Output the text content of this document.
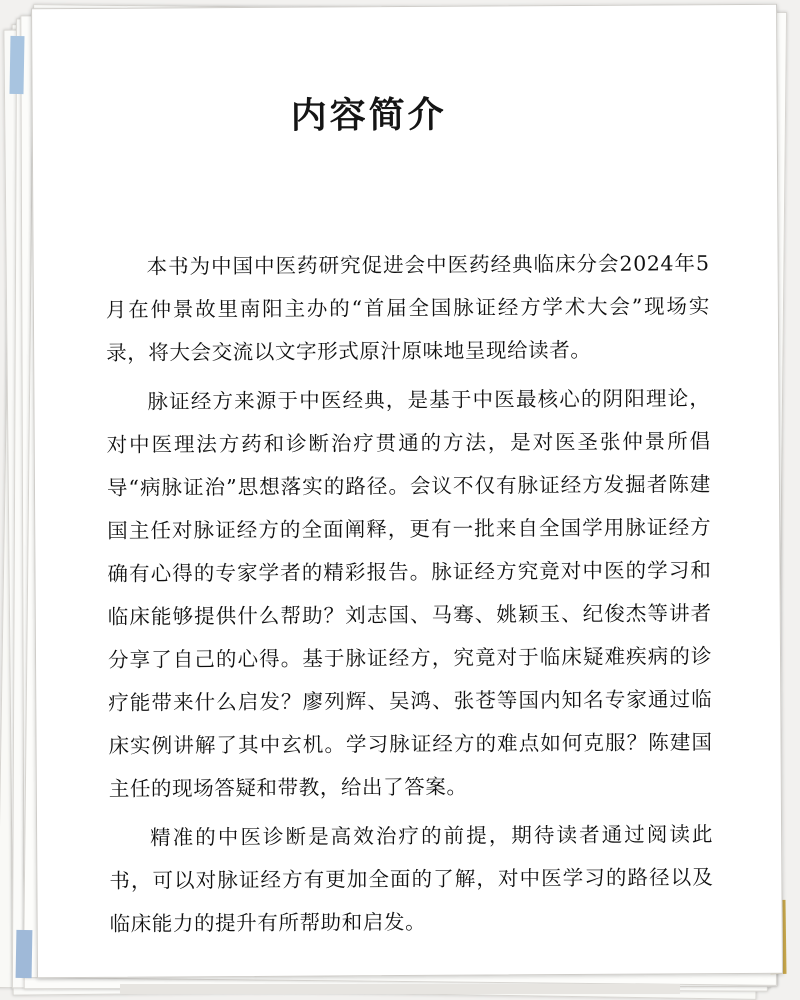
内容简介

本书为中国中医药研究促进会中医药经典临床分会2024年5月在仲景故里南阳主办的“首届全国脉证经方学术大会”现场实录，将大会交流以文字形式原汁原味地呈现给读者。

脉证经方来源于中医经典，是基于中医最核心的阴阳理论，对中医理法方药和诊断治疗贯通的方法，是对医圣张仲景所倡导“病脉证治”思想落实的路径。会议不仅有脉证经方发掘者陈建国主任对脉证经方的全面阐释，更有一批来自全国学用脉证经方确有心得的专家学者的精彩报告。脉证经方究竟对中医的学习和临床能够提供什么帮助？刘志国、马骞、姚颖玉、纪俊杰等讲者分享了自己的心得。基于脉证经方，究竟对于临床疑难疾病的诊疗能带来什么启发？廖列辉、吴鸿、张苍等国内知名专家通过临床实例讲解了其中玄机。学习脉证经方的难点如何克服？陈建国主任的现场答疑和带教，给出了答案。

精准的中医诊断是高效治疗的前提，期待读者通过阅读此书，可以对脉证经方有更加全面的了解，对中医学习的路径以及临床能力的提升有所帮助和启发。
